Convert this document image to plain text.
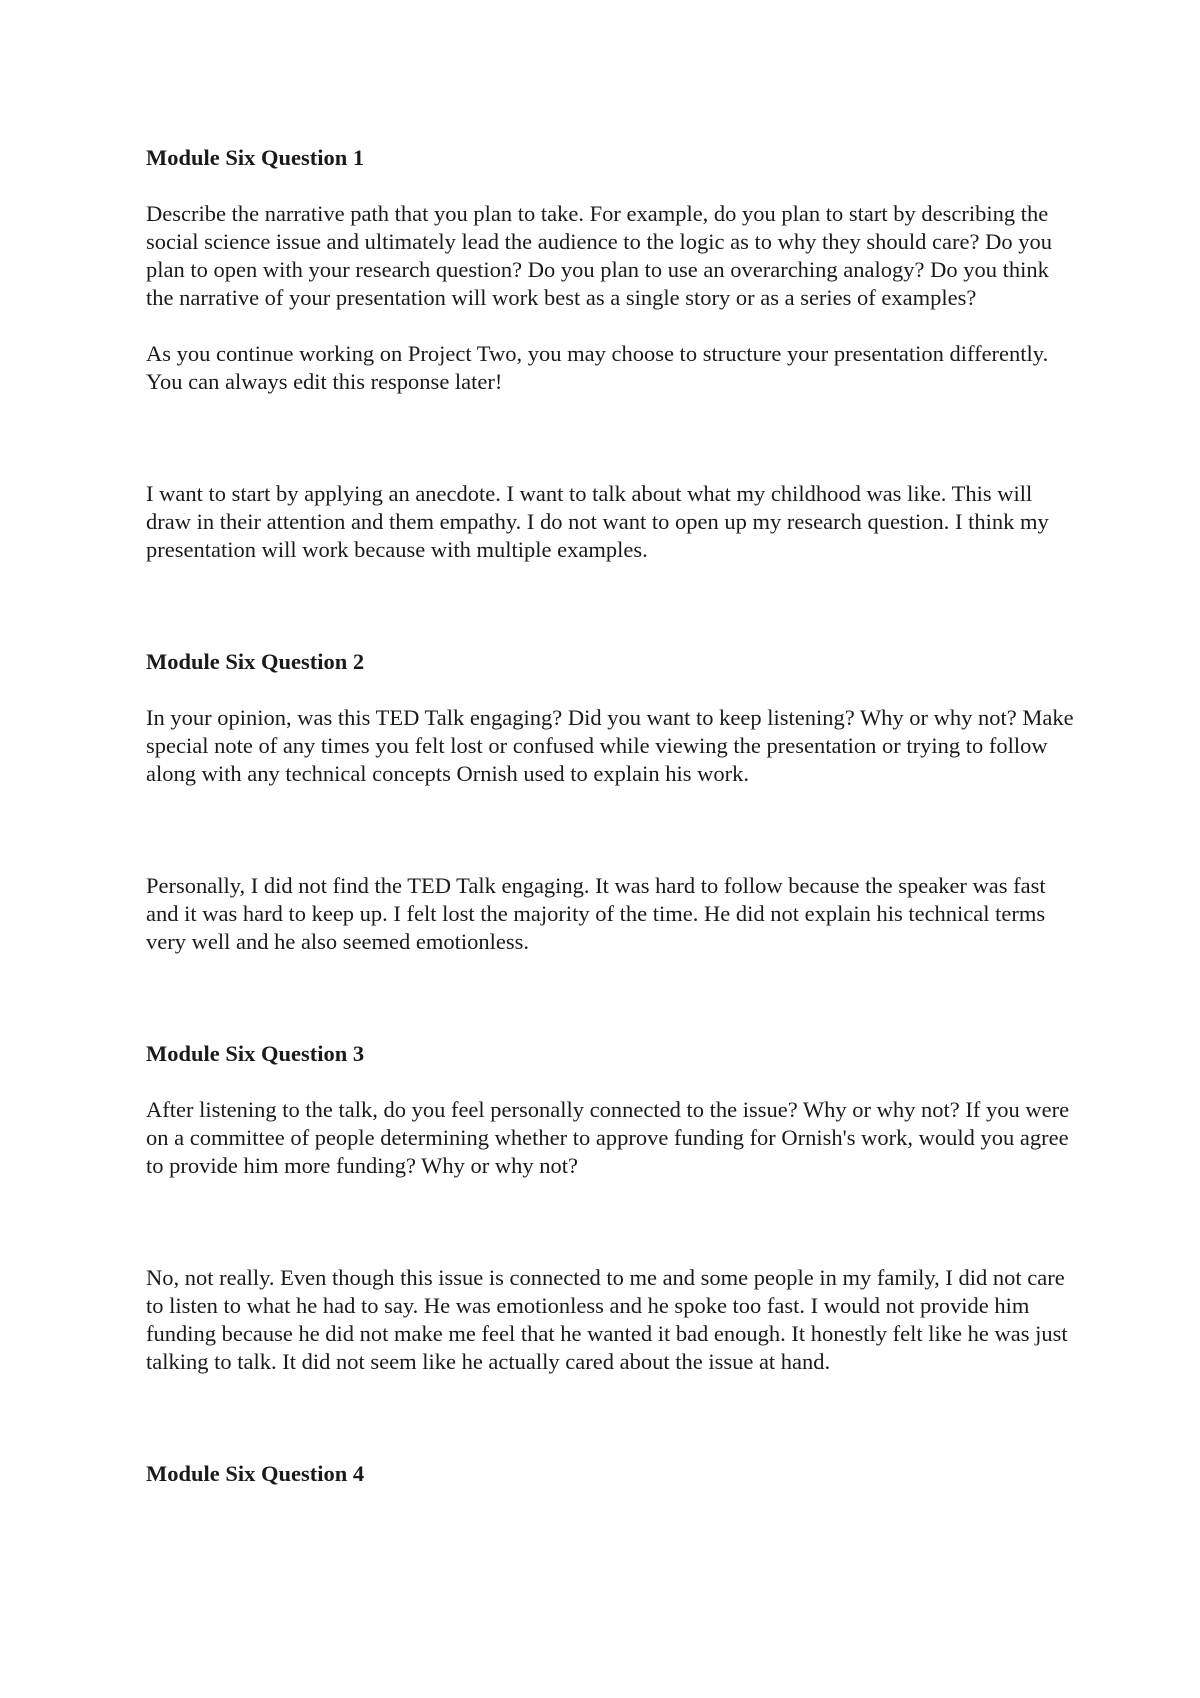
Module Six Question 1

Describe the narrative path that you plan to take. For example, do you plan to start by describing the social science issue and ultimately lead the audience to the logic as to why they should care? Do you plan to open with your research question? Do you plan to use an overarching analogy? Do you think the narrative of your presentation will work best as a single story or as a series of examples?

As you continue working on Project Two, you may choose to structure your presentation differently. You can always edit this response later!

I want to start by applying an anecdote. I want to talk about what my childhood was like. This will draw in their attention and them empathy. I do not want to open up my research question. I think my presentation will work because with multiple examples.

Module Six Question 2

In your opinion, was this TED Talk engaging? Did you want to keep listening? Why or why not? Make special note of any times you felt lost or confused while viewing the presentation or trying to follow along with any technical concepts Ornish used to explain his work.

Personally, I did not find the TED Talk engaging. It was hard to follow because the speaker was fast and it was hard to keep up. I felt lost the majority of the time. He did not explain his technical terms very well and he also seemed emotionless.

Module Six Question 3

After listening to the talk, do you feel personally connected to the issue? Why or why not? If you were on a committee of people determining whether to approve funding for Ornish's work, would you agree to provide him more funding? Why or why not?

No, not really. Even though this issue is connected to me and some people in my family, I did not care to listen to what he had to say. He was emotionless and he spoke too fast. I would not provide him funding because he did not make me feel that he wanted it bad enough. It honestly felt like he was just talking to talk. It did not seem like he actually cared about the issue at hand.

Module Six Question 4
